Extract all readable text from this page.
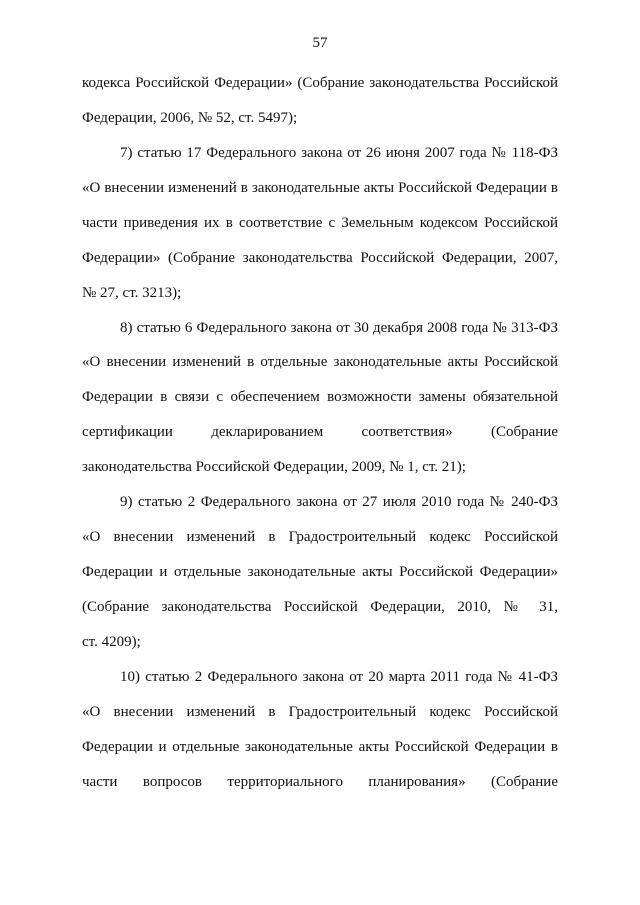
57
кодекса Российской Федерации» (Собрание законодательства Российской
Федерации, 2006, № 52, ст. 5497);
7) статью 17 Федерального закона от 26 июня 2007 года № 118-ФЗ
«О внесении изменений в законодательные акты Российской Федерации в
части приведения их в соответствие с Земельным кодексом Российской
Федерации» (Собрание законодательства Российской Федерации, 2007,
№ 27, ст. 3213);
8) статью 6 Федерального закона от 30 декабря 2008 года № 313-ФЗ
«О внесении изменений в отдельные законодательные акты Российской
Федерации в связи с обеспечением возможности замены обязательной
сертификации декларированием соответствия» (Собрание
законодательства Российской Федерации, 2009, № 1, ст. 21);
9) статью 2 Федерального закона от 27 июля 2010 года № 240-ФЗ
«О внесении изменений в Градостроительный кодекс Российской
Федерации и отдельные законодательные акты Российской Федерации»
(Собрание законодательства Российской Федерации, 2010, № 31,
ст. 4209);
10) статью 2 Федерального закона от 20 марта 2011 года № 41-ФЗ
«О внесении изменений в Градостроительный кодекс Российской
Федерации и отдельные законодательные акты Российской Федерации в
части вопросов территориального планирования» (Собрание
